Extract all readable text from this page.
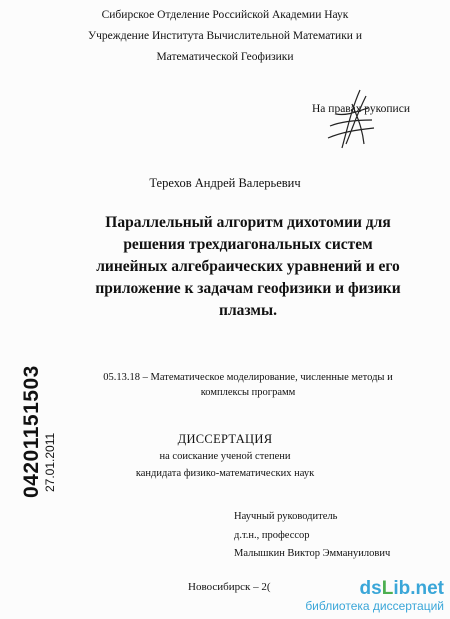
Сибирское Отделение Российской Академии Наук
Учреждение Института Вычислительной Математики и
Математической Геофизики
На правах рукописи
Терехов Андрей Валерьевич
Параллельный алгоритм дихотомии для
решения трехдиагональных систем
линейных алгебраических уравнений и его
приложение к задачам геофизики и физики
плазмы.
05.13.18 – Математическое моделирование, численные методы и
комплексы программ
ДИССЕРТАЦИЯ
на соискание ученой степени
кандидата физико-математических наук
Научный руководитель
д.т.н., профессор
Малышкин Виктор Эммануилович
Новосибирск – 2(
04201151503 27.01.2011
dsLib.net
библиотека диссертаций
